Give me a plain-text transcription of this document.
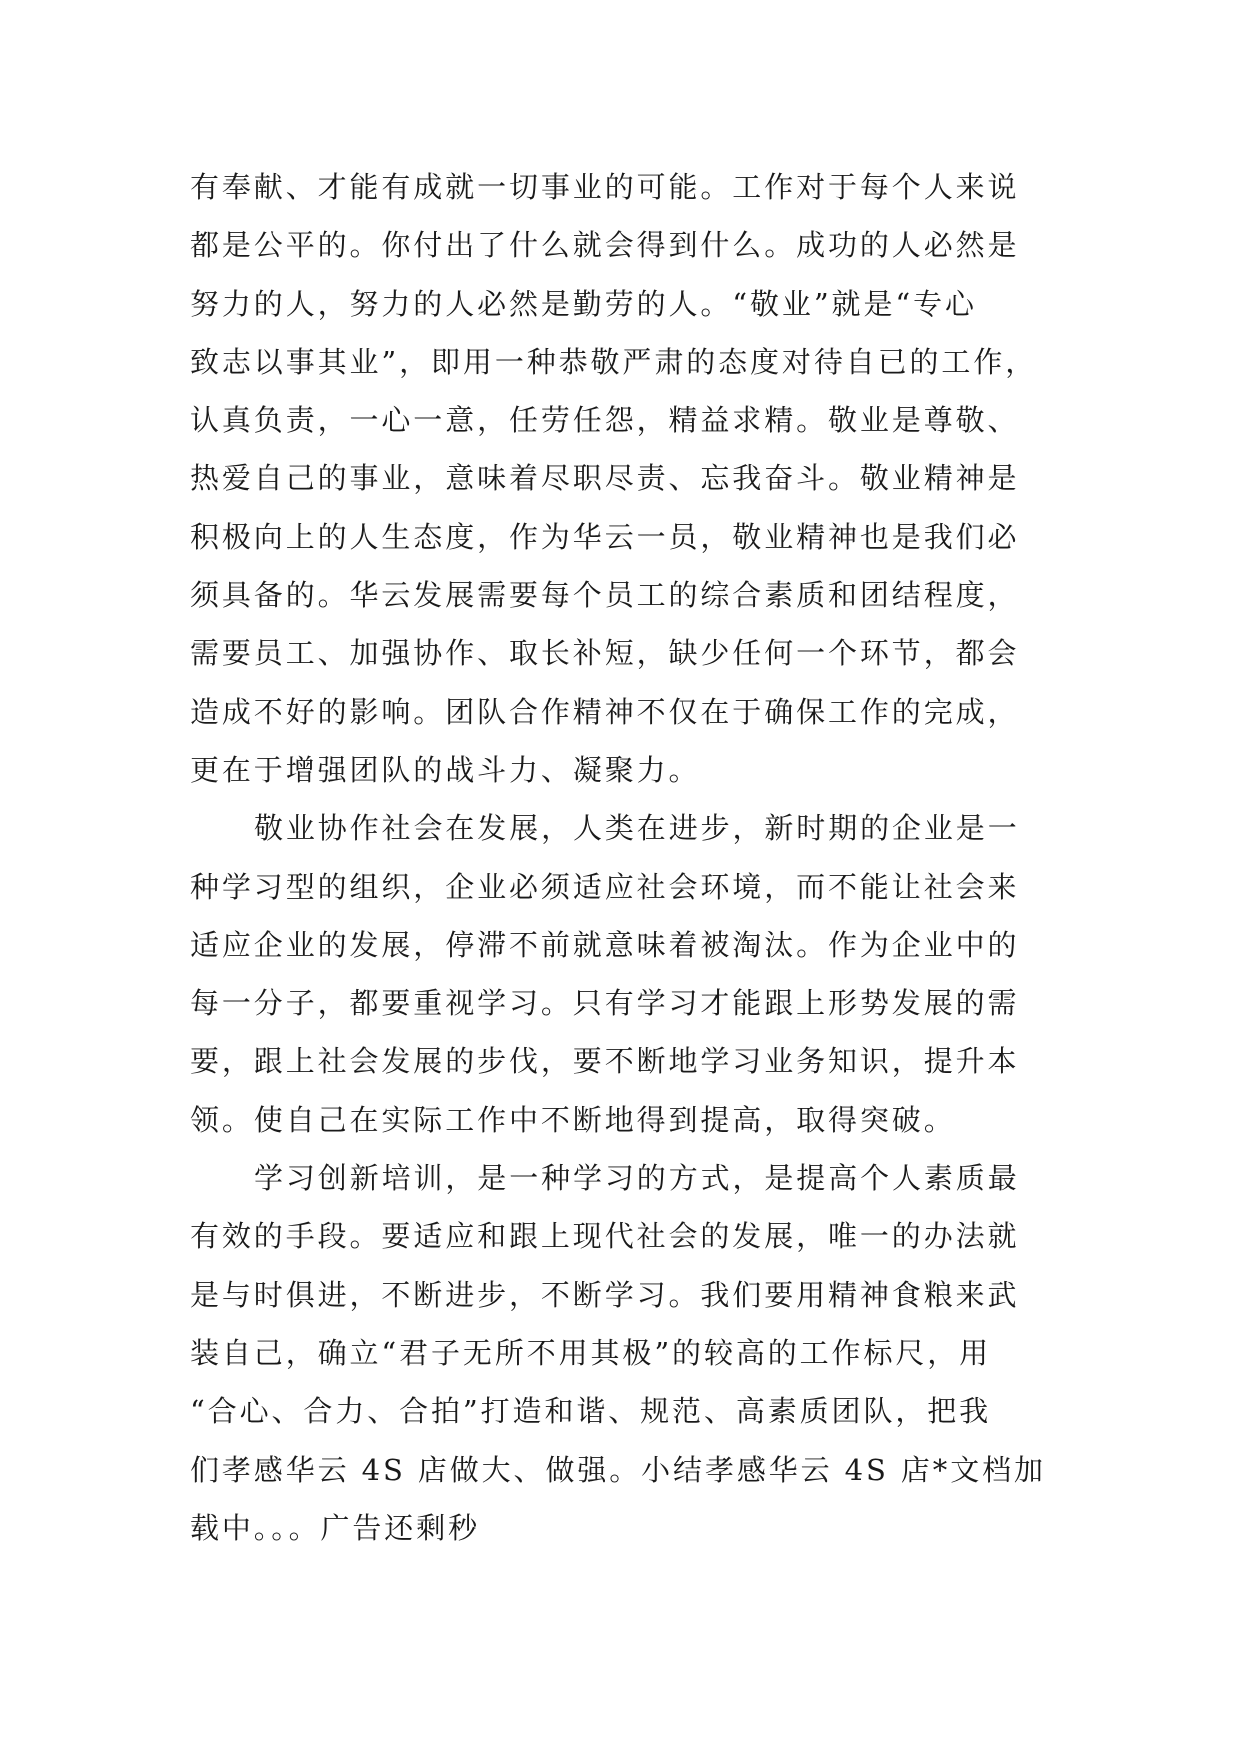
有奉献、才能有成就一切事业的可能。工作对于每个人来说
都是公平的。你付出了什么就会得到什么。成功的人必然是
努力的人，努力的人必然是勤劳的人。“敬业”就是“专心
致志以事其业”，即用一种恭敬严肃的态度对待自已的工作，
认真负责，一心一意，任劳任怨，精益求精。敬业是尊敬、
热爱自己的事业，意味着尽职尽责、忘我奋斗。敬业精神是
积极向上的人生态度，作为华云一员，敬业精神也是我们必
须具备的。华云发展需要每个员工的综合素质和团结程度，
需要员工、加强协作、取长补短，缺少任何一个环节，都会
造成不好的影响。团队合作精神不仅在于确保工作的完成，
更在于增强团队的战斗力、凝聚力。
敬业协作社会在发展，人类在进步，新时期的企业是一
种学习型的组织，企业必须适应社会环境，而不能让社会来
适应企业的发展，停滞不前就意味着被淘汰。作为企业中的
每一分子，都要重视学习。只有学习才能跟上形势发展的需
要，跟上社会发展的步伐，要不断地学习业务知识，提升本
领。使自己在实际工作中不断地得到提高，取得突破。
学习创新培训，是一种学习的方式，是提高个人素质最
有效的手段。要适应和跟上现代社会的发展，唯一的办法就
是与时俱进，不断进步，不断学习。我们要用精神食粮来武
装自己，确立“君子无所不用其极”的较高的工作标尺，用
“合心、合力、合拍”打造和谐、规范、高素质团队，把我
们孝感华云 4S 店做大、做强。小结孝感华云 4S 店*文档加
载中。。。广告还剩秒
